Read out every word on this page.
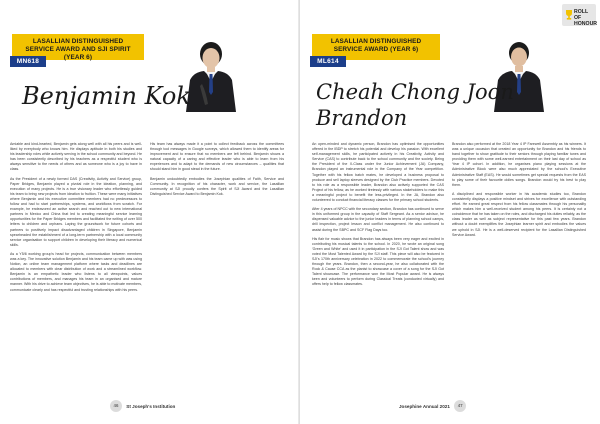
LASALLIAN DISTINGUISHED
SERVICE AWARD AND SJI SPIRIT
(YEAR 6)
MN618
Benjamin Kok

Amiable and kind-hearted, Benjamin gets along well with all his peers and is well-liked by everybody who knows him. He displays aptitude in both his studies and his leadership roles while actively serving in the school community and beyond. He has been consistently described by his teachers as a respectful student who is always sensitive to the needs of others and as someone who is a joy to have in class.

As the President of a newly formed DAS (Creativity, Activity and Service) group, Paper Bridges, Benjamin played a pivotal role in the ideation, planning, and execution of many projects. He is a true visionary leader who effortlessly guided his team to bring new projects from ideation to fruition. These were many initiatives where Benjamin and his executive committee members had no predecessors to follow and had to start partnerships, systems, and workflows from scratch. For example, he endeavored an active search and reached out to new international partners in Mexico and China that led to creating meaningful service learning opportunities for the Paper Bridges members and facilitated the writing of over 500 letters to children and orphans. Laying the groundwork for future cohorts and partners to positively impact disadvantaged children in Singapore, Benjamin spearheaded the establishment of a long-term partnership with a local community service organisation to support children in developing their literacy and numerical skills.

As a Y5/6 working group's head for projects, communication between members was a key. The innovative solution Benjamin and his team came up with was using Notion, an online team management platform where tasks and deadlines are allocated to members with clear distribution of work and a streamlined workflow. Benjamin is an empathetic leader who listens to all viewpoints, values contributions of members, and manages his team in an organised and mature manner. With his drive to achieve team objectives, he is able to motivate members, communicate clearly and has respectful and trusting relationships with his peers.

His team has always made it a point to collect feedback across the committees through tool messages in Google surveys, which allowed them to identify areas for improvement and to ensure that no members are left behind. Benjamin shows a natural capacity of a caring and effective leader who is able to learn from his experiences and to adapt to the demands of new circumstances – qualities that should stand him in good stead in the future.

Benjamin undoubtedly embodies the Josephian qualities of Faith, Service and Community. In recognition of his character, work and service, the Lasallian community at SJI proudly confers the Spirit of SJI Award and the Lasallian Distinguished Service Award to Benjamin Kok.

46 St Joseph's Institution
ROLL OF
HONOUR
LASALLIAN DISTINGUISHED
SERVICE AWARD (YEAR 6)
ML614
Cheah Chong Joon
Brandon

An open-minded and dynamic person, Brandon has optimised the opportunities offered in the IBDP to stretch his potential and develop his passion. With excellent self-management skills, he participated actively in his Creativity, Activity and Service (CAS) to contribute back to the school community and the society. Being the President of the X-Class under the Junior Achievement (JA) Company, Brandon played an instrumental role in the Company of the Year competition. Together with his fellow batch mates, he developed a business proposal to produce and sell laptop sleeves designed by the Club Practice members. Devoted to his role as a responsible leader, Brandon also actively supported the CAS Project of his fellow, as he worked tirelessly with various stakeholders to make this a meaningful project to benefit the less-privileged. In the JA, Brandon also volunteered to conduct financial literacy classes for the primary school students.

After 4 years of NPCC with the secondary section, Brandon has continued to serve in this uniformed group in the capacity of Staff Sergeant. As a senior advisor, he dispensed valuable advice to the junior leaders in terms of planning school camps, drill inspection, project lesson and conflict management. He also continued to assist during the SBPC and SCF Flag Days too.

His flair for music shows that Brandon has always been very eager and excited in contributing his musical talents to the school. In 2020, he wrote an original song 'Green and White' and used it in participation in the SJI Got Talent show and was voted the Most Talented Award by the SJI staff. This piece will also be featured in SJI's 170th anniversary celebration in 2022 to commemorate the school's journey through the years. Brandon, then a second-year, he also collaborated with the Rock & Cause CCA as the pianist to showcase a cover of a song for the SJI Got Talent showcase. The performance won the Most Popular award. He is always keen and volunteers to perform during Classical Treats (conducted virtually) and offers help to fellow classmates.

Brandon also performed at the 2018 Year 4 IP Farewell Assembly as his winners. It was a unique occasion that created an opportunity for Brandon and his friends to band together to show gratitude to their seniors through playing familiar tunes and providing them with some well-earned entertainment on their last day of school as Year 4 IP cohort. In addition, he organises piano playing sessions at the Administrative Block were also much appreciated by the school's Executive Administrative Staff (EAS). He would sometimes get special requests from the EAS to play some of their favourite oldies songs. Brandon would try his best to play them.

A disciplined and responsible worker in his academic studies too, Brandon consistently displays a positive mindset and strives for excellence with outstanding effort. He earned great respect from his fellow classmates through his personality which makes him a well-received student among his peers. It is certainly not a coincidence that he has taken on the roles, and discharged his duties reliably, as the class leader as well as subject representative for this past few years. Brandon without a doubt exemplifies the Josephian learner spirit and embodies the values we uphold in SJI. He is a well-deserved recipient for the Lasallian Distinguished Service Award.

Josephine Annual 2021 47
